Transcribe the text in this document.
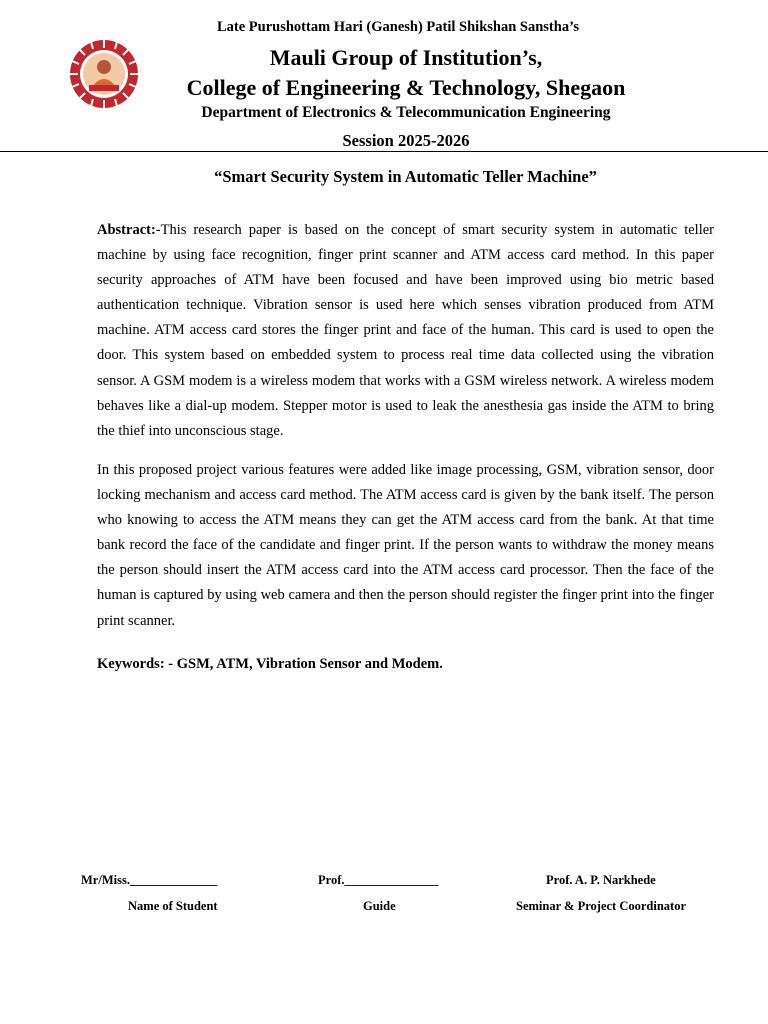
Late Purushottam Hari (Ganesh) Patil Shikshan Sanstha’s
Mauli Group of Institution’s,
College of Engineering & Technology, Shegaon
Department of Electronics & Telecommunication Engineering
Session 2025-2026
“Smart Security System in Automatic Teller Machine”
Abstract:-This research paper is based on the concept of smart security system in automatic teller machine by using face recognition, finger print scanner and ATM access card method. In this paper security approaches of ATM have been focused and have been improved using bio metric based authentication technique. Vibration sensor is used here which senses vibration produced from ATM machine. ATM access card stores the finger print and face of the human. This card is used to open the door. This system based on embedded system to process real time data collected using the vibration sensor. A GSM modem is a wireless modem that works with a GSM wireless network. A wireless modem behaves like a dial-up modem. Stepper motor is used to leak the anesthesia gas inside the ATM to bring the thief into unconscious stage.
In this proposed project various features were added like image processing, GSM, vibration sensor, door locking mechanism and access card method. The ATM access card is given by the bank itself. The person who knowing to access the ATM means they can get the ATM access card from the bank. At that time bank record the face of the candidate and finger print. If the person wants to withdraw the money means the person should insert the ATM access card into the ATM access card processor. Then the face of the human is captured by using web camera and then the person should register the finger print into the finger print scanner.
Keywords: - GSM, ATM, Vibration Sensor and Modem.
Mr/Miss.______________
Name of Student
Prof._______________
Guide
Prof. A. P. Narkhede
Seminar & Project Coordinator
